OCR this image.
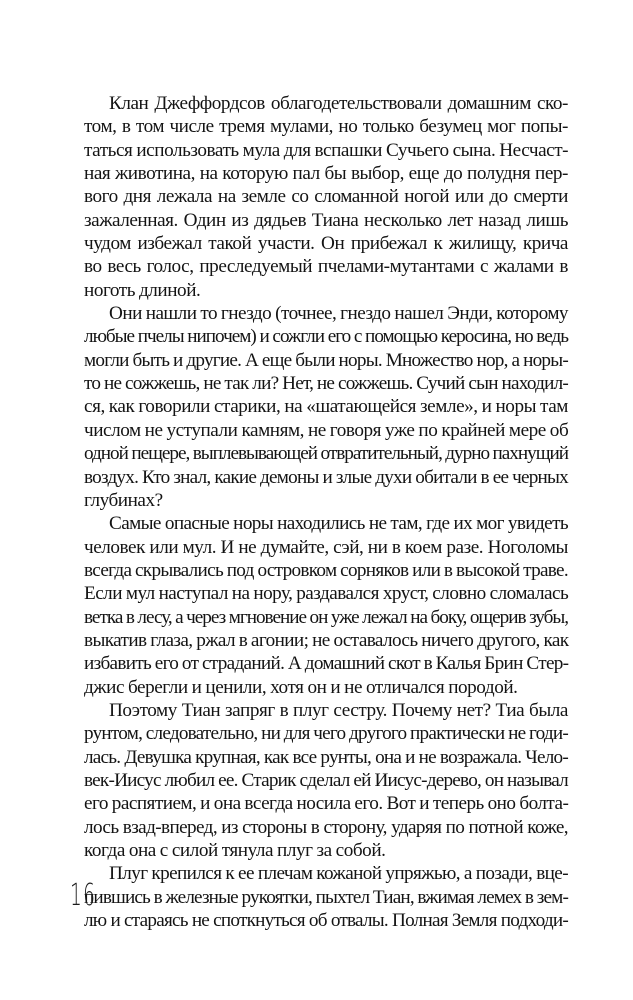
Клан Джеффордсов облагодетельствовали домашним ско-
том, в том числе тремя мулами, но только безумец мог попы-
таться использовать мула для вспашки Сучьего сына. Несчаст-
ная животина, на которую пал бы выбор, еще до полудня пер-
вого дня лежала на земле со сломанной ногой или до смерти
зажаленная. Один из дядьев Тиана несколько лет назад лишь
чудом избежал такой участи. Он прибежал к жилищу, крича
во весь голос, преследуемый пчелами-мутантами с жалами в
ноготь длиной.
Они нашли то гнездо (точнее, гнездо нашел Энди, которому
любые пчелы нипочем) и сожгли его с помощью керосина, но ведь
могли быть и другие. А еще были норы. Множество нор, а норы-
то не сожжешь, не так ли? Нет, не сожжешь. Сучий сын находил-
ся, как говорили старики, на «шатающейся земле», и норы там
числом не уступали камням, не говоря уже по крайней мере об
одной пещере, выплевывающей отвратительный, дурно пахнущий
воздух. Кто знал, какие демоны и злые духи обитали в ее черных
глубинах?
Самые опасные норы находились не там, где их мог увидеть
человек или мул. И не думайте, сэй, ни в коем разе. Ноголомы
всегда скрывались под островком сорняков или в высокой траве.
Если мул наступал на нору, раздавался хруст, словно сломалась
ветка в лесу, а через мгновение он уже лежал на боку, ощерив зубы,
выкатив глаза, ржал в агонии; не оставалось ничего другого, как
избавить его от страданий. А домашний скот в Калья Брин Стер-
джис берегли и ценили, хотя он и не отличался породой.
Поэтому Тиан запряг в плуг сестру. Почему нет? Тиа была
рунтом, следовательно, ни для чего другого практически не годи-
лась. Девушка крупная, как все рунты, она и не возражала. Чело-
век-Иисус любил ее. Старик сделал ей Иисус-дерево, он называл
его распятием, и она всегда носила его. Вот и теперь оно болта-
лось взад-вперед, из стороны в сторону, ударяя по потной коже,
когда она с силой тянула плуг за собой.
Плуг крепился к ее плечам кожаной упряжью, а позади, вце-
пившись в железные рукоятки, пыхтел Тиан, вжимая лемех в зем-
лю и стараясь не споткнуться об отвалы. Полная Земля подходи-
16
